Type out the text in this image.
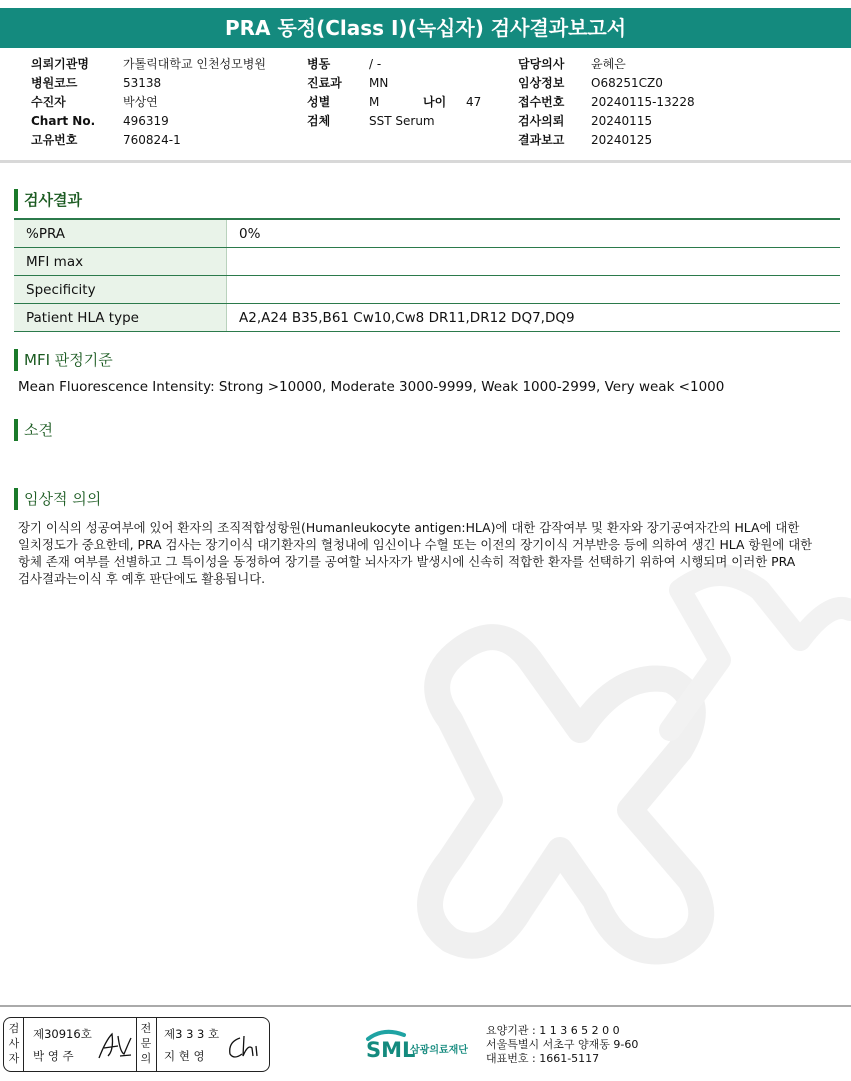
PRA 동정(Class I)(녹십자) 검사결과보고서
의뢰기관명	가톨릭대학교 인천성모병원
병원코드	53138
수진자	박상연
Chart No. 496319
고유번호	760824-1
병동	/ -
진료과 MN
성별	M	나이 47
검체	SST Serum
담당의사 윤혜은
임상정보 O68251CZ0
접수번호 20240115-13228
검사의뢰 20240115
결과보고 20240125
검사결과
%PRA	0%
MFI max	
Specificity	
Patient HLA type	A2,A24 B35,B61 Cw10,Cw8 DR11,DR12 DQ7,DQ9
MFI 판정기준
Mean Fluorescence Intensity: Strong >10000, Moderate 3000-9999, Weak 1000-2999, Very weak <1000
소견
임상적 의의
장기 이식의 성공여부에 있어 환자의 조직적합성항원(Humanleukocyte antigen:HLA)에 대한 감작여부 및 환자와 장기공여자간의 HLA에 대한
일치정도가 중요한데, PRA 검사는 장기이식 대기환자의 혈청내에 임신이나 수혈 또는 이전의 장기이식 거부반응 등에 의하여 생긴 HLA 항원에 대한
항체 존재 여부를 선별하고 그 특이성을 동정하여 장기를 공여할 뇌사자가 발생시에 신속히 적합한 환자를 선택하기 위하여 시행되며 이러한 PRA
검사결과는이식 후 예후 판단에도 활용됩니다.
검
사
자
제30916호
박 영 주
전
문
의
제3 3 3 호
지 현 영	SML
삼광의료재단
요양기관 : 1 1 3 6 5 2 0 0
서울특별시 서초구 양재동 9-60
대표번호 : 1661-5117
